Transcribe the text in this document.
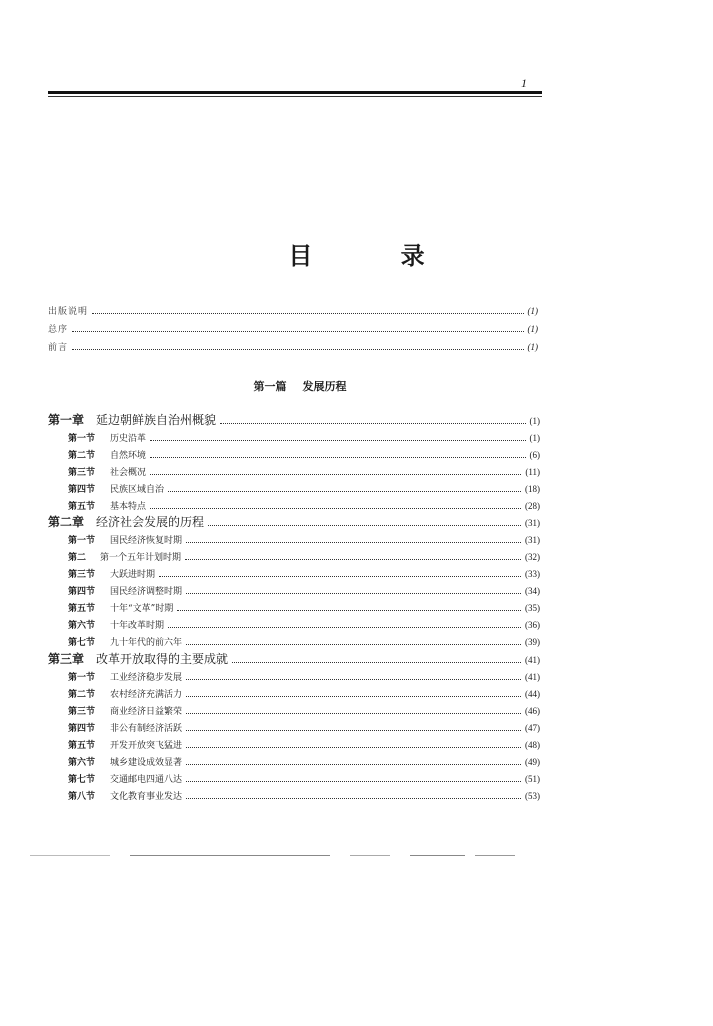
1
目 录
出版说明	(1)
总序	(1)
前言	(1)
第一篇 发展历程
第一章 延边朝鲜族自治州概貌	(1)
第一节 历史沿革	(1)
第二节 自然环境	(6)
第三节 社会概况	(11)
第四节 民族区域自治	(18)
第五节 基本特点	(28)
第二章 经济社会发展的历程	(31)
第一节 国民经济恢复时期	(31)
第二 第一个五年计划时期	(32)
第三节 大跃进时期	(33)
第四节 国民经济调整时期	(34)
第五节 十年“文革”时期	(35)
第六节 十年改革时期	(36)
第七节 九十年代的前六年	(39)
第三章 改革开放取得的主要成就	(41)
第一节 工业经济稳步发展	(41)
第二节 农村经济充满活力	(44)
第三节 商业经济日益繁荣	(46)
第四节 非公有制经济活跃	(47)
第五节 开发开放突飞猛进	(48)
第六节 城乡建设成效显著	(49)
第七节 交通邮电四通八达	(51)
第八节 文化教育事业发达	(53)
